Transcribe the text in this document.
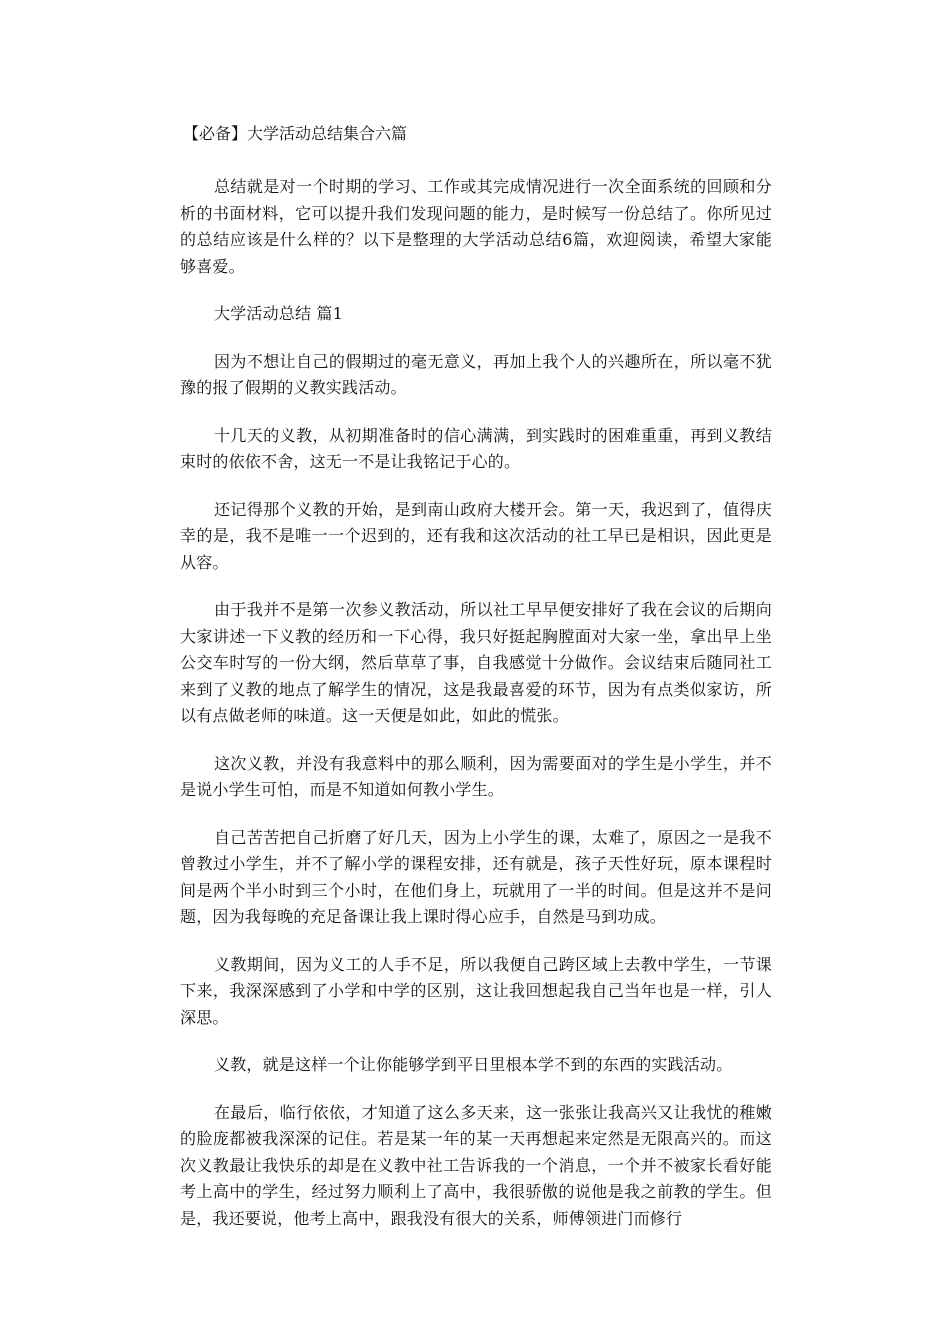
【必备】大学活动总结集合六篇

总结就是对一个时期的学习、工作或其完成情况进行一次全面系统的回顾和分析的书面材料，它可以提升我们发现问题的能力，是时候写一份总结了。你所见过的总结应该是什么样的？以下是整理的大学活动总结6篇，欢迎阅读，希望大家能够喜爱。

大学活动总结 篇1

因为不想让自己的假期过的毫无意义，再加上我个人的兴趣所在，所以毫不犹豫的报了假期的义教实践活动。

十几天的义教，从初期准备时的信心满满，到实践时的困难重重，再到义教结束时的依依不舍，这无一不是让我铭记于心的。

还记得那个义教的开始，是到南山政府大楼开会。第一天，我迟到了，值得庆幸的是，我不是唯一一个迟到的，还有我和这次活动的社工早已是相识，因此更是从容。

由于我并不是第一次参义教活动，所以社工早早便安排好了我在会议的后期向大家讲述一下义教的经历和一下心得，我只好挺起胸膛面对大家一坐，拿出早上坐公交车时写的一份大纲，然后草草了事，自我感觉十分做作。会议结束后随同社工来到了义教的地点了解学生的情况，这是我最喜爱的环节，因为有点类似家访，所以有点做老师的味道。这一天便是如此，如此的慌张。

这次义教，并没有我意料中的那么顺利，因为需要面对的学生是小学生，并不是说小学生可怕，而是不知道如何教小学生。

自己苦苦把自己折磨了好几天，因为上小学生的课，太难了，原因之一是我不曾教过小学生，并不了解小学的课程安排，还有就是，孩子天性好玩，原本课程时间是两个半小时到三个小时，在他们身上，玩就用了一半的时间。但是这并不是问题，因为我每晚的充足备课让我上课时得心应手，自然是马到功成。

义教期间，因为义工的人手不足，所以我便自己跨区域上去教中学生，一节课下来，我深深感到了小学和中学的区别，这让我回想起我自己当年也是一样，引人深思。

义教，就是这样一个让你能够学到平日里根本学不到的东西的实践活动。

在最后，临行依依，才知道了这么多天来，这一张张让我高兴又让我忧的稚嫩的脸庞都被我深深的记住。若是某一年的某一天再想起来定然是无限高兴的。而这次义教最让我快乐的却是在义教中社工告诉我的一个消息，一个并不被家长看好能考上高中的学生，经过努力顺利上了高中，我很骄傲的说他是我之前教的学生。但是，我还要说，他考上高中，跟我没有很大的关系，师傅领进门而修行
